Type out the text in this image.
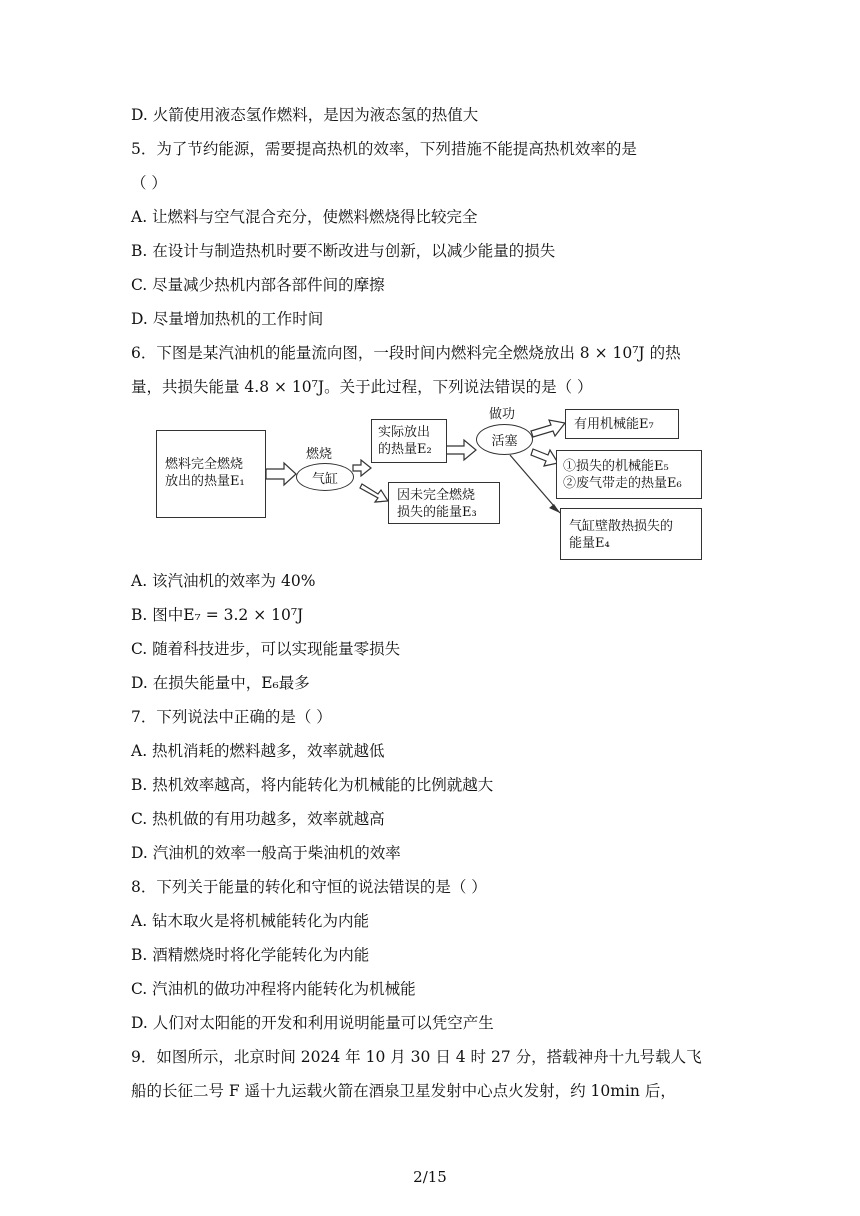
D. 火箭使用液态氢作燃料，是因为液态氢的热值大
5．为了节约能源，需要提高热机的效率，下列措施不能提高热机效率的是
（ ）
A. 让燃料与空气混合充分，使燃料燃烧得比较完全
B. 在设计与制造热机时要不断改进与创新，以减少能量的损失
C. 尽量减少热机内部各部件间的摩擦
D. 尽量增加热机的工作时间
6．下图是某汽油机的能量流向图，一段时间内燃料完全燃烧放出 8 × 10⁷J 的热
量，共损失能量 4.8 × 10⁷J。关于此过程，下列说法错误的是（ ）
燃料完全燃烧
放出的热量E₁
燃烧
气缸
实际放出
的热量E₂
因未完全燃烧
损失的能量E₃
做功
活塞
有用机械能E₇
①损失的机械能E₅
②废气带走的热量E₆
气缸壁散热损失的
能量E₄
A. 该汽油机的效率为 40%
B. 图中E₇ = 3.2 × 10⁷J
C. 随着科技进步，可以实现能量零损失
D. 在损失能量中，E₆最多
7．下列说法中正确的是（ ）
A. 热机消耗的燃料越多，效率就越低
B. 热机效率越高，将内能转化为机械能的比例就越大
C. 热机做的有用功越多，效率就越高
D. 汽油机的效率一般高于柴油机的效率
8．下列关于能量的转化和守恒的说法错误的是（ ）
A. 钻木取火是将机械能转化为内能
B. 酒精燃烧时将化学能转化为内能
C. 汽油机的做功冲程将内能转化为机械能
D. 人们对太阳能的开发和利用说明能量可以凭空产生
9．如图所示，北京时间 2024 年 10 月 30 日 4 时 27 分，搭载神舟十九号载人飞
船的长征二号 F 遥十九运载火箭在酒泉卫星发射中心点火发射，约 10min 后，
2/15
